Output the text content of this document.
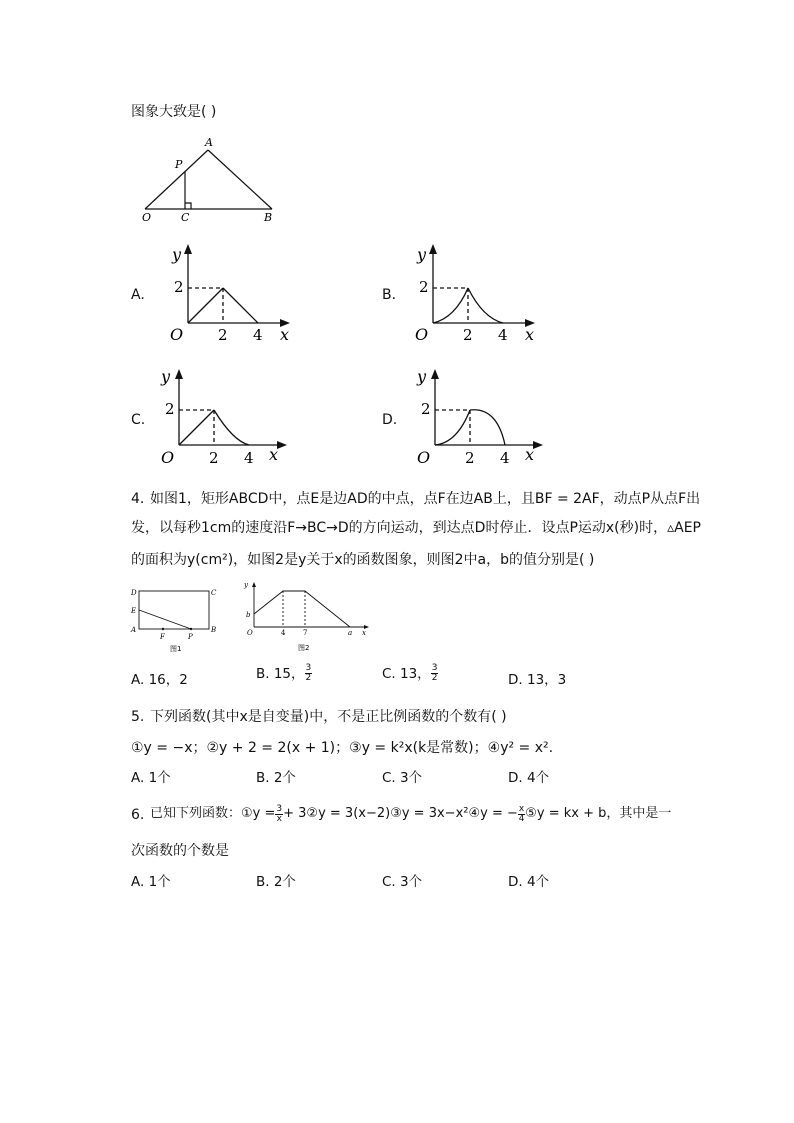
图象大致是( )
A
P
O	C	B
A.
y
2
O 2 4 x
B.
y
2
O 2 4 x
C.
y
2
O 2 4 x
D.
y
2
O 2 4 x
4. 如图1，矩形ABCD中，点E是边AD的中点，点F在边AB上，且BF = 2AF，动点P从点F出
发，以每秒1cm的速度沿F→BC→D的方向运动，到达点D时停止．设点P运动x(秒)时，▵AEP
的面积为y(cm²)，如图2是y关于x的函数图象，则图2中a，b的值分别是( )
D	C
E
A
F	P
B
图1
y
b
O	4	7	a x
图2
A. 16，2	B. 15， $\frac{3}{2}$	C. 13， $\frac{3}{2}$	D. 13，3
5. 下列函数(其中x是自变量)中，不是正比例函数的个数有( )
①y = −x；②y + 2 = 2(x + 1)；③y = k²x(k是常数)；④y² = x².
A. 1个	B. 2个	C. 3个	D. 4个
6. 已知下列函数： ①y = $\frac{3}{x} + 3$ ②y = 3(x−2) ③y = 3x−x² ④y = − $\frac{x}{4}$ ⑤y = kx + b ，其中是一
次函数的个数是
A. 1个	B. 2个	C. 3个	D. 4个
